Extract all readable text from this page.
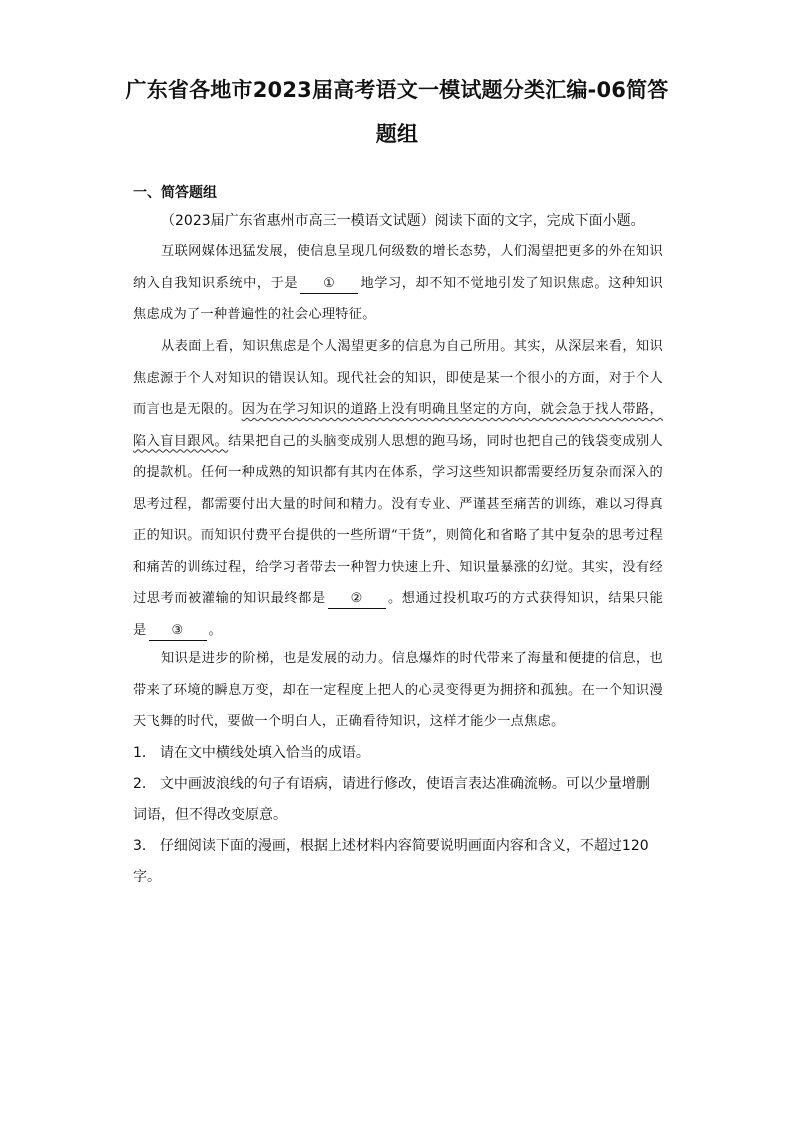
广东省各地市2023届高考语文一模试题分类汇编-06简答题组
一、简答题组
（2023届广东省惠州市高三一模语文试题）阅读下面的文字，完成下面小题。
互联网媒体迅猛发展，使信息呈现几何级数的增长态势，人们渴望把更多的外在知识纳入自我知识系统中，于是 ① 地学习，却不知不觉地引发了知识焦虑。这种知识焦虑成为了一种普遍性的社会心理特征。
从表面上看，知识焦虑是个人渴望更多的信息为自己所用。其实，从深层来看，知识焦虑源于个人对知识的错误认知。现代社会的知识，即使是某一个很小的方面，对于个人而言也是无限的。因为在学习知识的道路上没有明确且坚定的方向，就会急于找人带路，陷入盲目跟风。结果把自己的头脑变成别人思想的跑马场，同时也把自己的钱袋变成别人的提款机。任何一种成熟的知识都有其内在体系，学习这些知识都需要经历复杂而深入的思考过程，都需要付出大量的时间和精力。没有专业、严谨甚至痛苦的训练，难以习得真正的知识。而知识付费平台提供的一些所谓“干货”，则简化和省略了其中复杂的思考过程和痛苦的训练过程，给学习者带去一种智力快速上升、知识量暴涨的幻觉。其实，没有经过思考而被灌输的知识最终都是 ② 。想通过投机取巧的方式获得知识，结果只能是 ③ 。
知识是进步的阶梯，也是发展的动力。信息爆炸的时代带来了海量和便捷的信息，也带来了环境的瞬息万变，却在一定程度上把人的心灵变得更为拥挤和孤独。在一个知识漫天飞舞的时代，要做一个明白人，正确看待知识，这样才能少一点焦虑。
1． 请在文中横线处填入恰当的成语。
2． 文中画波浪线的句子有语病，请进行修改，使语言表达准确流畅。可以少量增删词语，但不得改变原意。
3． 仔细阅读下面的漫画，根据上述材料内容简要说明画面内容和含义，不超过120字。
